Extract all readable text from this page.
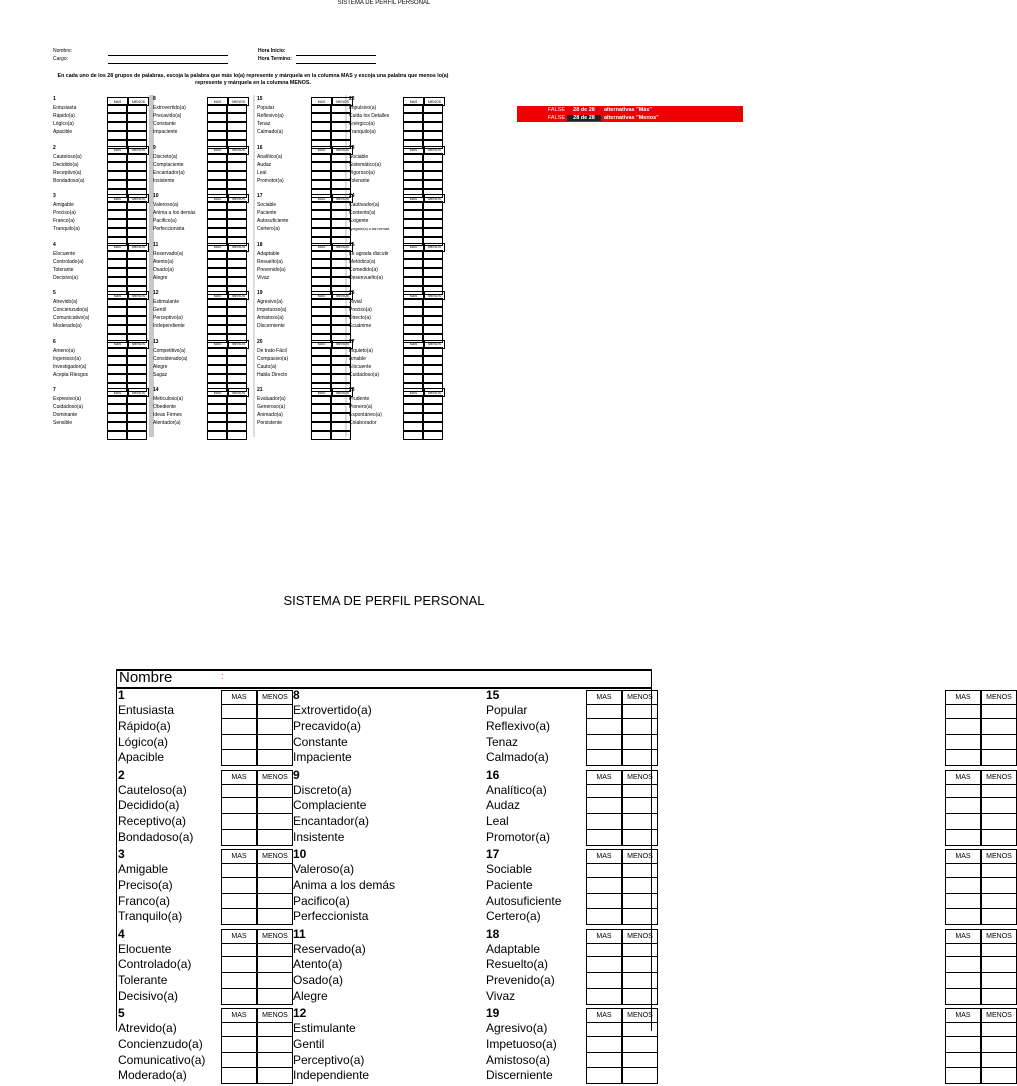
SISTEMA DE PERFIL PERSONAL
Nombre:
Cargo:
Hora Inicio:
Hora Termino:
En cada uno de los 28 grupos de palabras, escoja la palabra que más lo(a) represente y márquela en la columna MAS y escoja una palabra que menos lo(a) represente y márquela en la columna MENOS.
1	MAS	MENOS
Entusiasta
Rápido(a)
Lógico(a)
Apacible
2	MAS	MENOS
Cauteloso(a)
Decidido(a)
Receptivo(a)
Bondadoso(a)
3	MAS	MENOS
Amigable
Preciso(a)
Franco(a)
Tranquilo(a)
4	MAS	MENOS
Elocuente
Controlado(a)
Tolerante
Decisivo(a)
5	MAS	MENOS
Atrevido(a)
Concienzudo(a)
Comunicativo(a)
Moderado(a)
6	MAS	MENOS
Ameno(a)
Ingenioso(a)
Investigador(a)
Acepta Riesgos
7	MAS	MENOS
Expresivo(a)
Cuidadoso(a)
Dominante
Sensible
8	MAS	MENOS
Extrovertido(a)
Precavido(a)
Constante
Impaciente
9	MAS	MENOS
Discreto(a)
Complaciente
Encantador(a)
Insistente
10	MAS	MENOS
Valeroso(a)
Anima a los demás
Pacifico(a)
Perfeccionista
11	MAS	MENOS
Reservado(a)
Atento(a)
Osado(a)
Alegre
12	MAS	MENOS
Estimulante
Gentil
Perceptivo(a)
Independiente
13	MAS	MENOS
Competitivo(a)
Considerado(a)
Alegre
Sagaz
14	MAS	MENOS
Meticuloso(a)
Obediente
Ideas Firmes
Alentador(a)
15	MAS	MENOS
Popular
Reflexivo(a)
Tenaz
Calmado(a)
16	MAS	MENOS
Analítico(a)
Audaz
Leal
Promotor(a)
17	MAS	MENOS
Sociable
Paciente
Autosuficiente
Certero(a)
18	MAS	MENOS
Adaptable
Resuelto(a)
Prevenido(a)
Vivaz
19	MAS	MENOS
Agresivo(a)
Impetuoso(a)
Amistoso(a)
Discerniente
20	MAS	MENOS
De trato Fácil
Compasivo(a)
Cauto(a)
Habla Directo
21	MAS	MENOS
Evaluador(a)
Generoso(a)
Animado(a)
Persistente
22	MAS	MENOS
Impulsivo(a)
Cuida los Detalles
Enérgico(a)
Tranquilo(a)
23	MAS	MENOS
Sociable
Sistemático(a)
Vigoroso(a)
Tolerante
24	MAS	MENOS
Cautivador(a)
Contento(a)
Exigente
Apegado(a) a las normas
25	MAS	MENOS
Le agrada discutir
Metódico(a)
Comedido(a)
Desenvuelto(a)
26	MAS	MENOS
Jovial
Preciso(a)
Directo(a)
Ecuánime
27	MAS	MENOS
Inquieto(a)
Amable
Elocuente
Cuidadoso(a)
28	MAS	MENOS
Prudente
Pionero(a)
Espontáneo(a)
Colaborador
FALSE	28 de 28	alternativas "Más"
FALSE	28 de 28	alternativas "Menos"
SISTEMA DE PERFIL PERSONAL
Nombre	:
1	MAS	MENOS
Entusiasta
Rápido(a)
Lógico(a)
Apacible
2	MAS	MENOS
Cauteloso(a)
Decidido(a)
Receptivo(a)
Bondadoso(a)
3	MAS	MENOS
Amigable
Preciso(a)
Franco(a)
Tranquilo(a)
4	MAS	MENOS
Elocuente
Controlado(a)
Tolerante
Decisivo(a)
5	MAS	MENOS
Atrevido(a)
Concienzudo(a)
Comunicativo(a)
Moderado(a)
8	MAS	MENOS
Extrovertido(a)
Precavido(a)
Constante
Impaciente
9	MAS	MENOS
Discreto(a)
Complaciente
Encantador(a)
Insistente
10	MAS	MENOS
Valeroso(a)
Anima a los demás
Pacifico(a)
Perfeccionista
11	MAS	MENOS
Reservado(a)
Atento(a)
Osado(a)
Alegre
12	MAS	MENOS
Estimulante
Gentil
Perceptivo(a)
Independiente
15	MAS	MENOS
Popular
Reflexivo(a)
Tenaz
Calmado(a)
16	MAS	MENOS
Analítico(a)
Audaz
Leal
Promotor(a)
17	MAS	MENOS
Sociable
Paciente
Autosuficiente
Certero(a)
18	MAS	MENOS
Adaptable
Resuelto(a)
Prevenido(a)
Vivaz
19	MAS	MENOS
Agresivo(a)
Impetuoso(a)
Amistoso(a)
Discerniente
